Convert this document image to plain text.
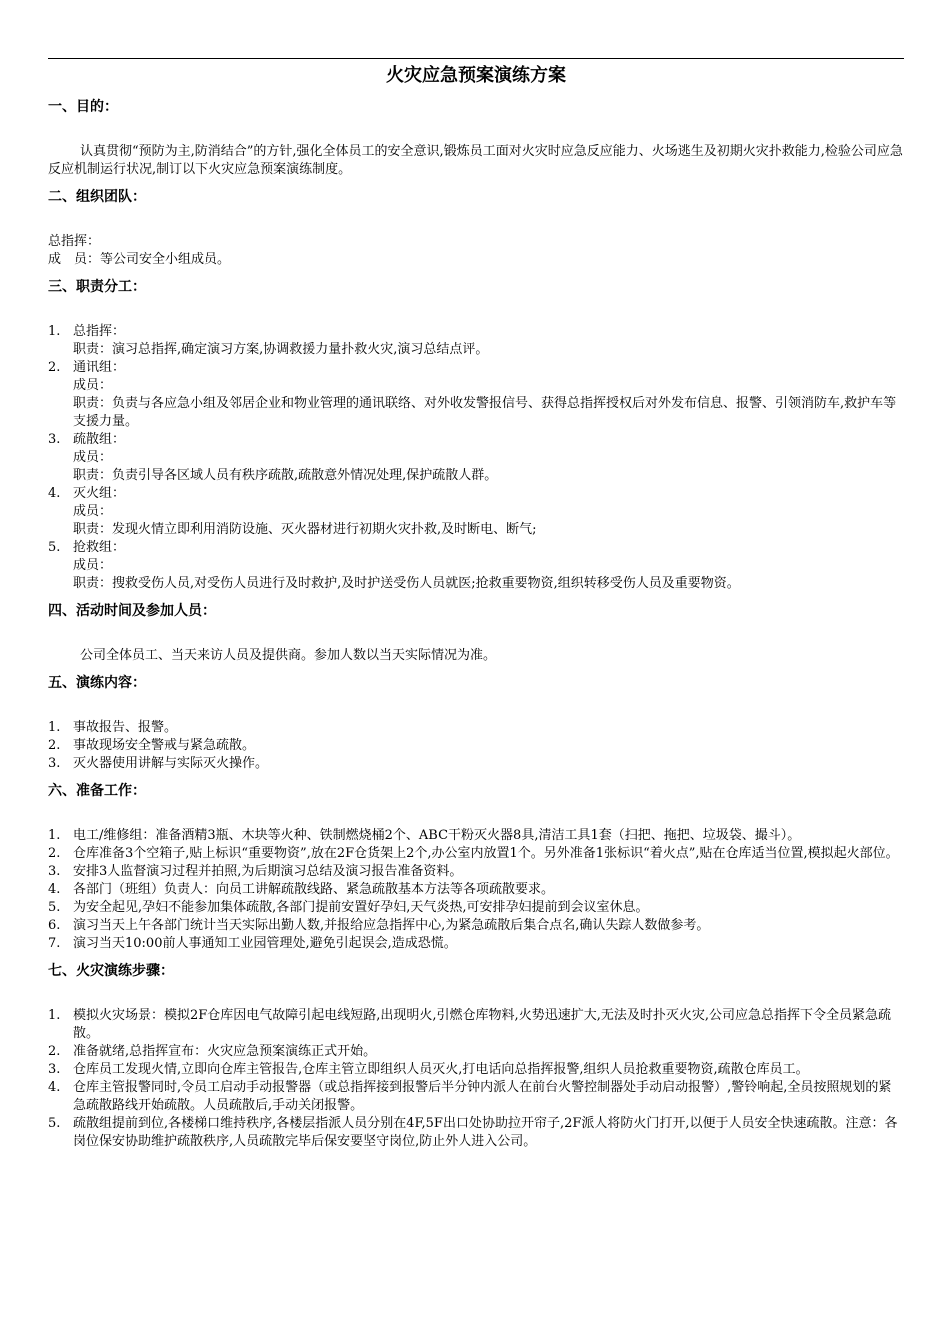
火灾应急预案演练方案
一、目的：

认真贯彻“预防为主,防消结合”的方针,强化全体员工的安全意识,锻炼员工面对火灾时应急反应能力、火场逃生及初期火灾扑救能力,检验公司应急反应机制运行状况,制订以下火灾应急预案演练制度。

二、组织团队：

总指挥：

成　员：等公司安全小组成员。

三、职责分工：
1. 总指挥：
职责：演习总指挥,确定演习方案,协调救援力量扑救火灾,演习总结点评。
2. 通讯组：
成员：
职责：负责与各应急小组及邻居企业和物业管理的通讯联络、对外收发警报信号、获得总指挥授权后对外发布信息、报警、引领消防车,救护车等支援力量。
3. 疏散组：
成员：
职责：负责引导各区域人员有秩序疏散,疏散意外情况处理,保护疏散人群。
4. 灭火组：
成员：
职责：发现火情立即利用消防设施、灭火器材进行初期火灾扑救,及时断电、断气;
5. 抢救组：
成员：
职责：搜救受伤人员,对受伤人员进行及时救护,及时护送受伤人员就医;抢救重要物资,组织转移受伤人员及重要物资。
四、活动时间及参加人员：

公司全体员工、当天来访人员及提供商。参加人数以当天实际情况为准。

五、演练内容：
1. 事故报告、报警。
2. 事故现场安全警戒与紧急疏散。
3. 灭火器使用讲解与实际灭火操作。
六、准备工作：
1. 电工/维修组：准备酒精3瓶、木块等火种、铁制燃烧桶2个、ABC干粉灭火器8具,清洁工具1套（扫把、拖把、垃圾袋、撮斗）。
2. 仓库准备3个空箱子,贴上标识“重要物资”,放在2F仓货架上2个,办公室内放置1个。另外准备1张标识“着火点”,贴在仓库适当位置,模拟起火部位。
3. 安排3人监督演习过程并拍照,为后期演习总结及演习报告准备资料。
4. 各部门（班组）负责人：向员工讲解疏散线路、紧急疏散基本方法等各项疏散要求。
5. 为安全起见,孕妇不能参加集体疏散,各部门提前安置好孕妇,天气炎热,可安排孕妇提前到会议室休息。
6. 演习当天上午各部门统计当天实际出勤人数,并报给应急指挥中心,为紧急疏散后集合点名,确认失踪人数做参考。
7. 演习当天10:00前人事通知工业园管理处,避免引起误会,造成恐慌。
七、火灾演练步骤：
1. 模拟火灾场景：模拟2F仓库因电气故障引起电线短路,出现明火,引燃仓库物料,火势迅速扩大,无法及时扑灭火灾,公司应急总指挥下令全员紧急疏散。
2. 准备就绪,总指挥宣布：火灾应急预案演练正式开始。
3. 仓库员工发现火情,立即向仓库主管报告,仓库主管立即组织人员灭火,打电话向总指挥报警,组织人员抢救重要物资,疏散仓库员工。
4. 仓库主管报警同时,令员工启动手动报警器（或总指挥接到报警后半分钟内派人在前台火警控制器处手动启动报警）,警铃响起,全员按照规划的紧急疏散路线开始疏散。人员疏散后,手动关闭报警。
5. 疏散组提前到位,各楼梯口维持秩序,各楼层指派人员分别在4F,5F出口处协助拉开帘子,2F派人将防火门打开,以便于人员安全快速疏散。注意：各岗位保安协助维护疏散秩序,人员疏散完毕后保安要坚守岗位,防止外人进入公司。
